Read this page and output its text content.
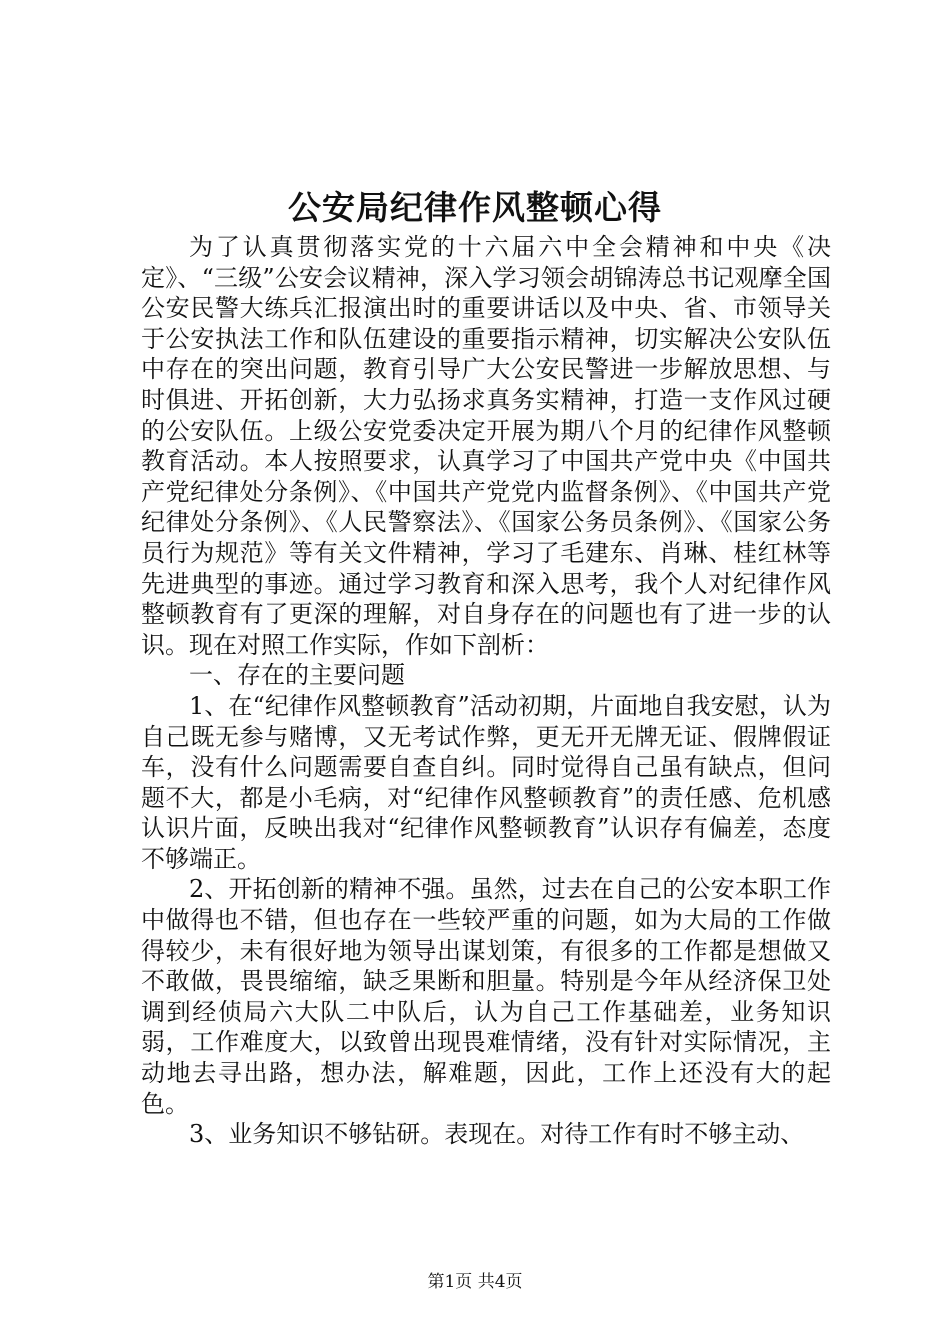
公安局纪律作风整顿心得

为了认真贯彻落实党的十六届六中全会精神和中央《决定》、“三级”公安会议精神，深入学习领会胡锦涛总书记观摩全国公安民警大练兵汇报演出时的重要讲话以及中央、省、市领导关于公安执法工作和队伍建设的重要指示精神，切实解决公安队伍中存在的突出问题，教育引导广大公安民警进一步解放思想、与时俱进、开拓创新，大力弘扬求真务实精神，打造一支作风过硬的公安队伍。上级公安党委决定开展为期八个月的纪律作风整顿教育活动。本人按照要求，认真学习了中国共产党中央《中国共产党纪律处分条例》、《中国共产党党内监督条例》、《中国共产党纪律处分条例》、《人民警察法》、《国家公务员条例》、《国家公务员行为规范》等有关文件精神，学习了毛建东、肖琳、桂红林等先进典型的事迹。通过学习教育和深入思考，我个人对纪律作风整顿教育有了更深的理解，对自身存在的问题也有了进一步的认识。现在对照工作实际，作如下剖析：

一、存在的主要问题

1、在“纪律作风整顿教育”活动初期，片面地自我安慰，认为自己既无参与赌博，又无考试作弊，更无开无牌无证、假牌假证车，没有什么问题需要自查自纠。同时觉得自己虽有缺点，但问题不大，都是小毛病，对“纪律作风整顿教育”的责任感、危机感认识片面，反映出我对“纪律作风整顿教育”认识存有偏差，态度不够端正。

2、开拓创新的精神不强。虽然，过去在自己的公安本职工作中做得也不错，但也存在一些较严重的问题，如为大局的工作做得较少，未有很好地为领导出谋划策，有很多的工作都是想做又不敢做，畏畏缩缩，缺乏果断和胆量。特别是今年从经济保卫处调到经侦局六大队二中队后，认为自己工作基础差，业务知识弱，工作难度大，以致曾出现畏难情绪，没有针对实际情况，主动地去寻出路，想办法，解难题，因此，工作上还没有大的起色。

3、业务知识不够钻研。表现在。对待工作有时不够主动、

第1页 共4页
